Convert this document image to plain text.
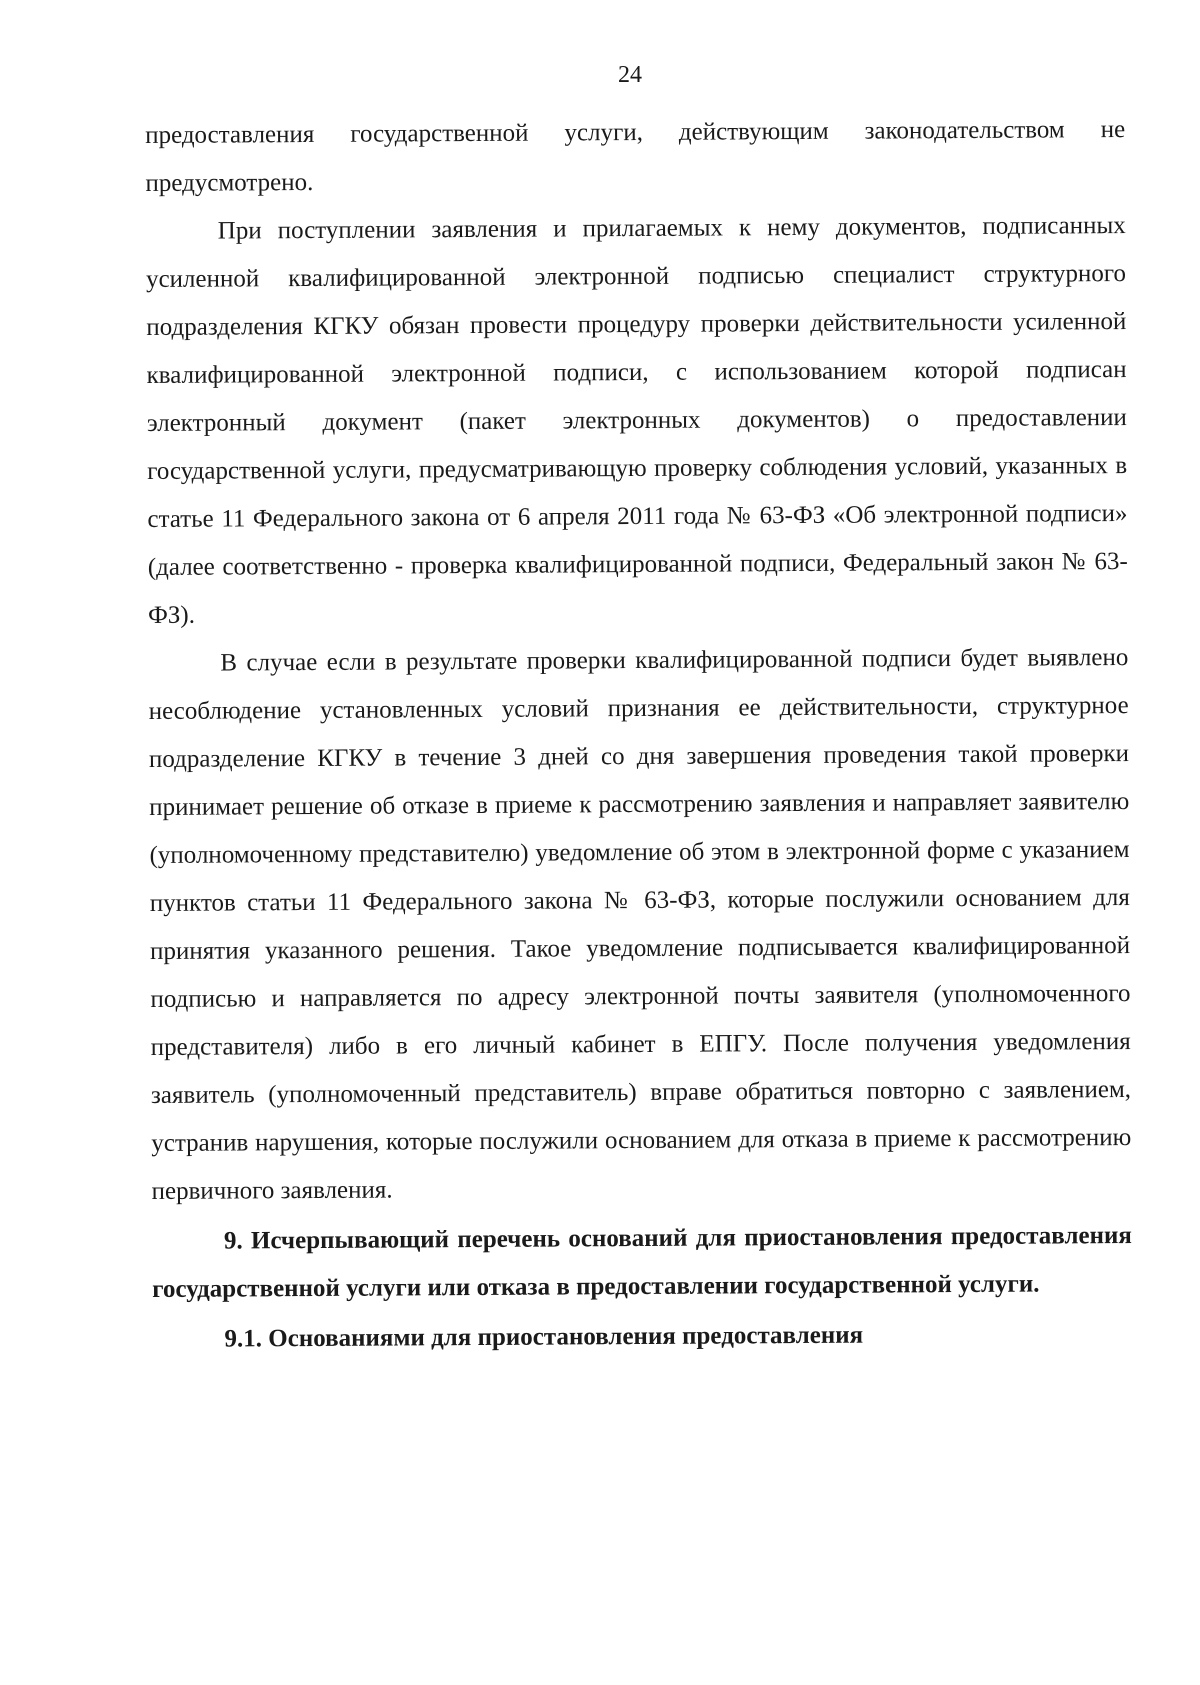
24

предоставления государственной услуги, действующим законодательством не предусмотрено.

При поступлении заявления и прилагаемых к нему документов, подписанных усиленной квалифицированной электронной подписью специалист структурного подразделения КГКУ обязан провести процедуру проверки действительности усиленной квалифицированной электронной подписи, с использованием которой подписан электронный документ (пакет электронных документов) о предоставлении государственной услуги, предусматривающую проверку соблюдения условий, указанных в статье 11 Федерального закона от 6 апреля 2011 года № 63-ФЗ «Об электронной подписи» (далее соответственно - проверка квалифицированной подписи, Федеральный закон № 63-ФЗ).

В случае если в результате проверки квалифицированной подписи будет выявлено несоблюдение установленных условий признания ее действительности, структурное подразделение КГКУ в течение 3 дней со дня завершения проведения такой проверки принимает решение об отказе в приеме к рассмотрению заявления и направляет заявителю (уполномоченному представителю) уведомление об этом в электронной форме с указанием пунктов статьи 11 Федерального закона № 63-ФЗ, которые послужили основанием для принятия указанного решения. Такое уведомление подписывается квалифицированной подписью и направляется по адресу электронной почты заявителя (уполномоченного представителя) либо в его личный кабинет в ЕПГУ. После получения уведомления заявитель (уполномоченный представитель) вправе обратиться повторно с заявлением, устранив нарушения, которые послужили основанием для отказа в приеме к рассмотрению первичного заявления.

9. Исчерпывающий перечень оснований для приостановления предоставления государственной услуги или отказа в предоставлении государственной услуги.

9.1. Основаниями для приостановления предоставления
